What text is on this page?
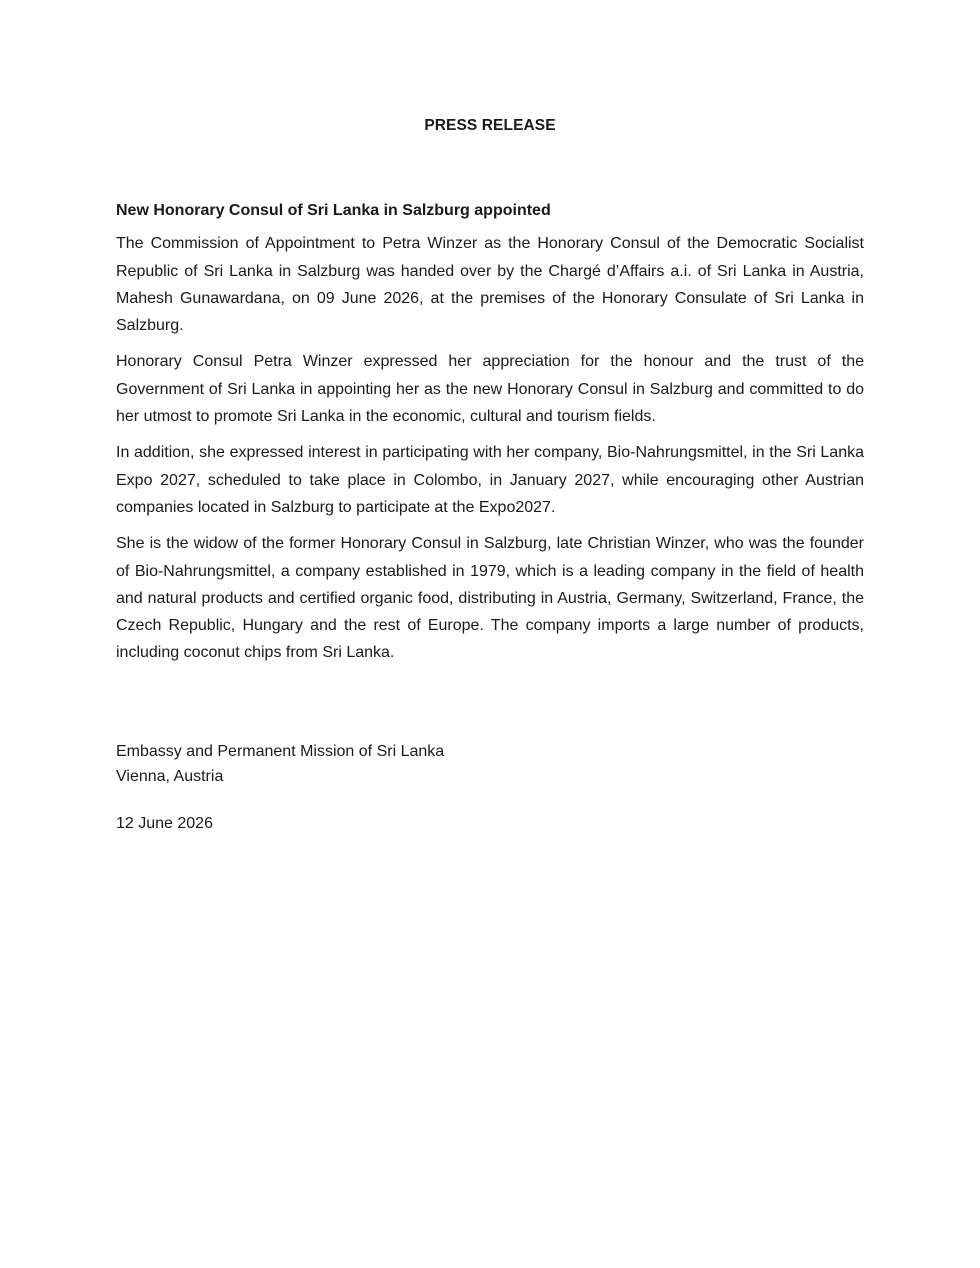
PRESS RELEASE

New Honorary Consul of Sri Lanka in Salzburg appointed

The Commission of Appointment to Petra Winzer as the Honorary Consul of the Democratic Socialist Republic of Sri Lanka in Salzburg was handed over by the Chargé d’Affairs a.i. of Sri Lanka in Austria, Mahesh Gunawardana, on 09 June 2026, at the premises of the Honorary Consulate of Sri Lanka in Salzburg.

Honorary Consul Petra Winzer expressed her appreciation for the honour and the trust of the Government of Sri Lanka in appointing her as the new Honorary Consul in Salzburg and committed to do her utmost to promote Sri Lanka in the economic, cultural and tourism fields.

In addition, she expressed interest in participating with her company, Bio-Nahrungsmittel, in the Sri Lanka Expo 2027, scheduled to take place in Colombo, in January 2027, while encouraging other Austrian companies located in Salzburg to participate at the Expo2027.

She is the widow of the former Honorary Consul in Salzburg, late Christian Winzer, who was the founder of Bio-Nahrungsmittel, a company established in 1979, which is a leading company in the field of health and natural products and certified organic food, distributing in Austria, Germany, Switzerland, France, the Czech Republic, Hungary and the rest of Europe. The company imports a large number of products, including coconut chips from Sri Lanka.

Embassy and Permanent Mission of Sri Lanka
Vienna, Austria
12 June 2026
